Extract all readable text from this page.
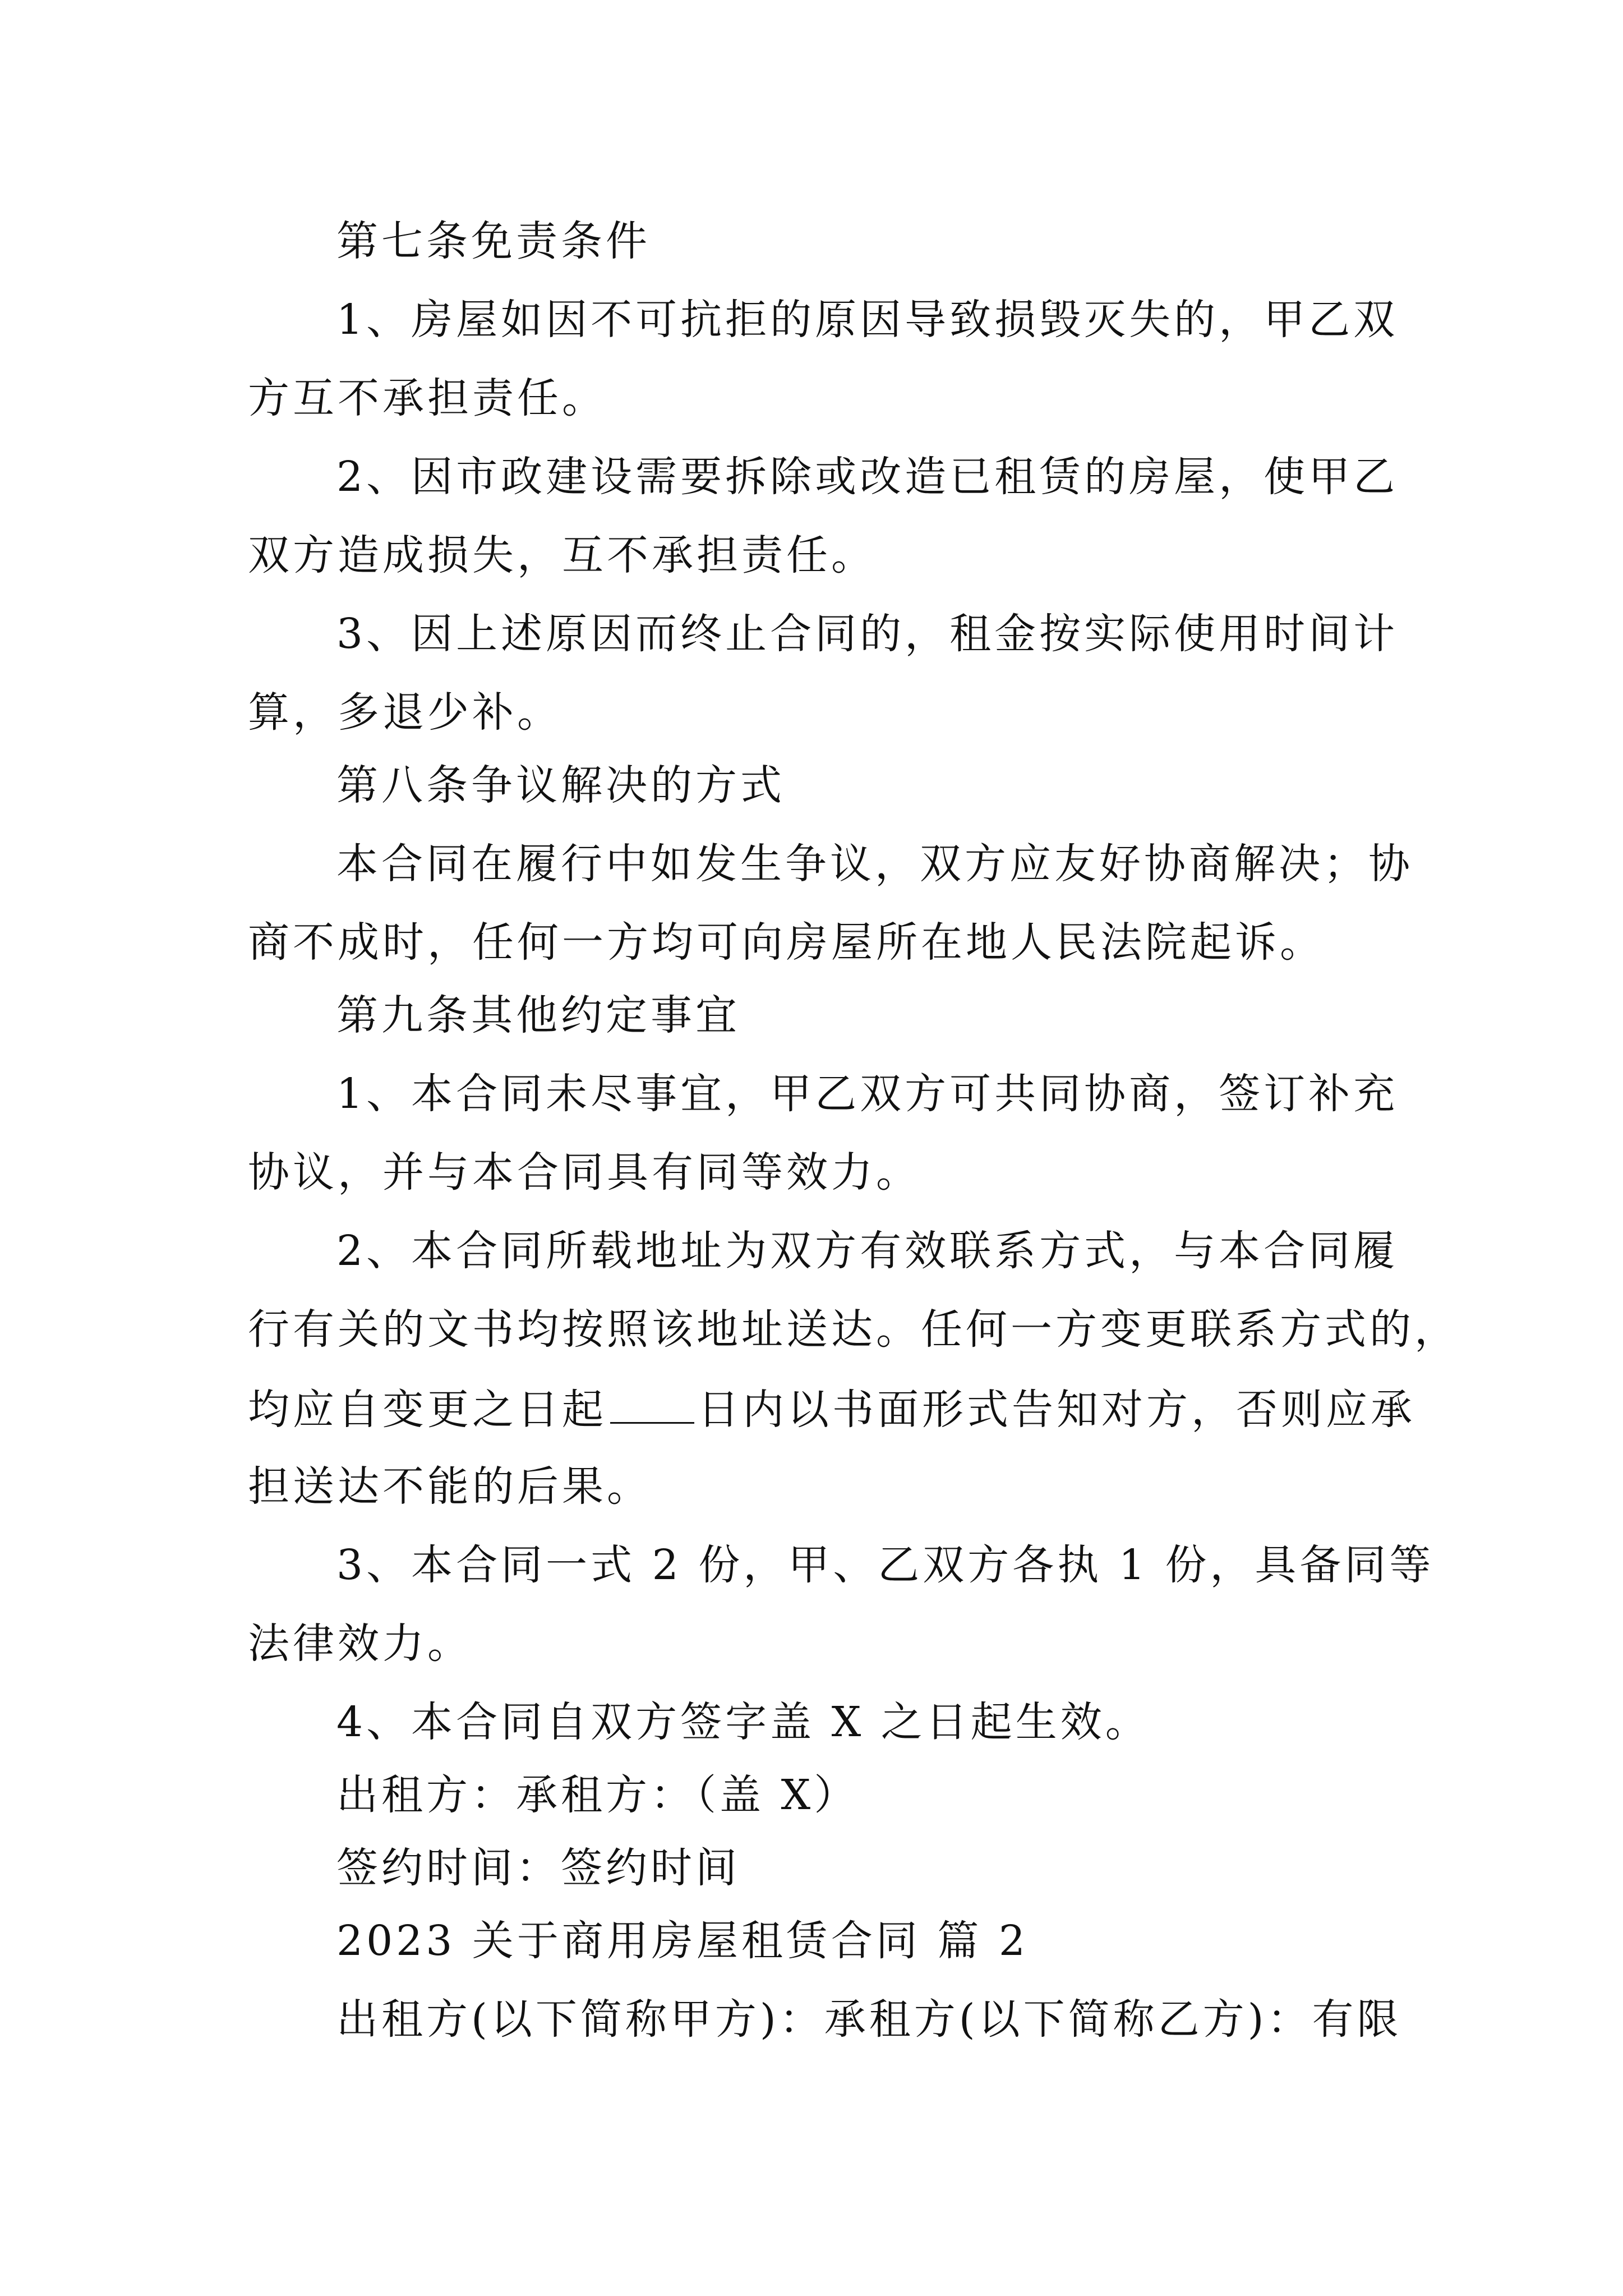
第七条免责条件
1、房屋如因不可抗拒的原因导致损毁灭失的，甲乙双
方互不承担责任。
2、因市政建设需要拆除或改造已租赁的房屋，使甲乙
双方造成损失，互不承担责任。
3、因上述原因而终止合同的，租金按实际使用时间计
算，多退少补。
第八条争议解决的方式
本合同在履行中如发生争议，双方应友好协商解决；协
商不成时，任何一方均可向房屋所在地人民法院起诉。
第九条其他约定事宜
1、本合同未尽事宜，甲乙双方可共同协商，签订补充
协议，并与本合同具有同等效力。
2、本合同所载地址为双方有效联系方式，与本合同履
行有关的文书均按照该地址送达。任何一方变更联系方式的，
均应自变更之日起 日内以书面形式告知对方，否则应承
担送达不能的后果。
3、本合同一式 2 份，甲、乙双方各执 1 份，具备同等
法律效力。
4、本合同自双方签字盖 X 之日起生效。
出租方：承租方：（盖 X）
签约时间：签约时间
2023 关于商用房屋租赁合同 篇 2
出租方(以下简称甲方)：承租方(以下简称乙方)：有限
